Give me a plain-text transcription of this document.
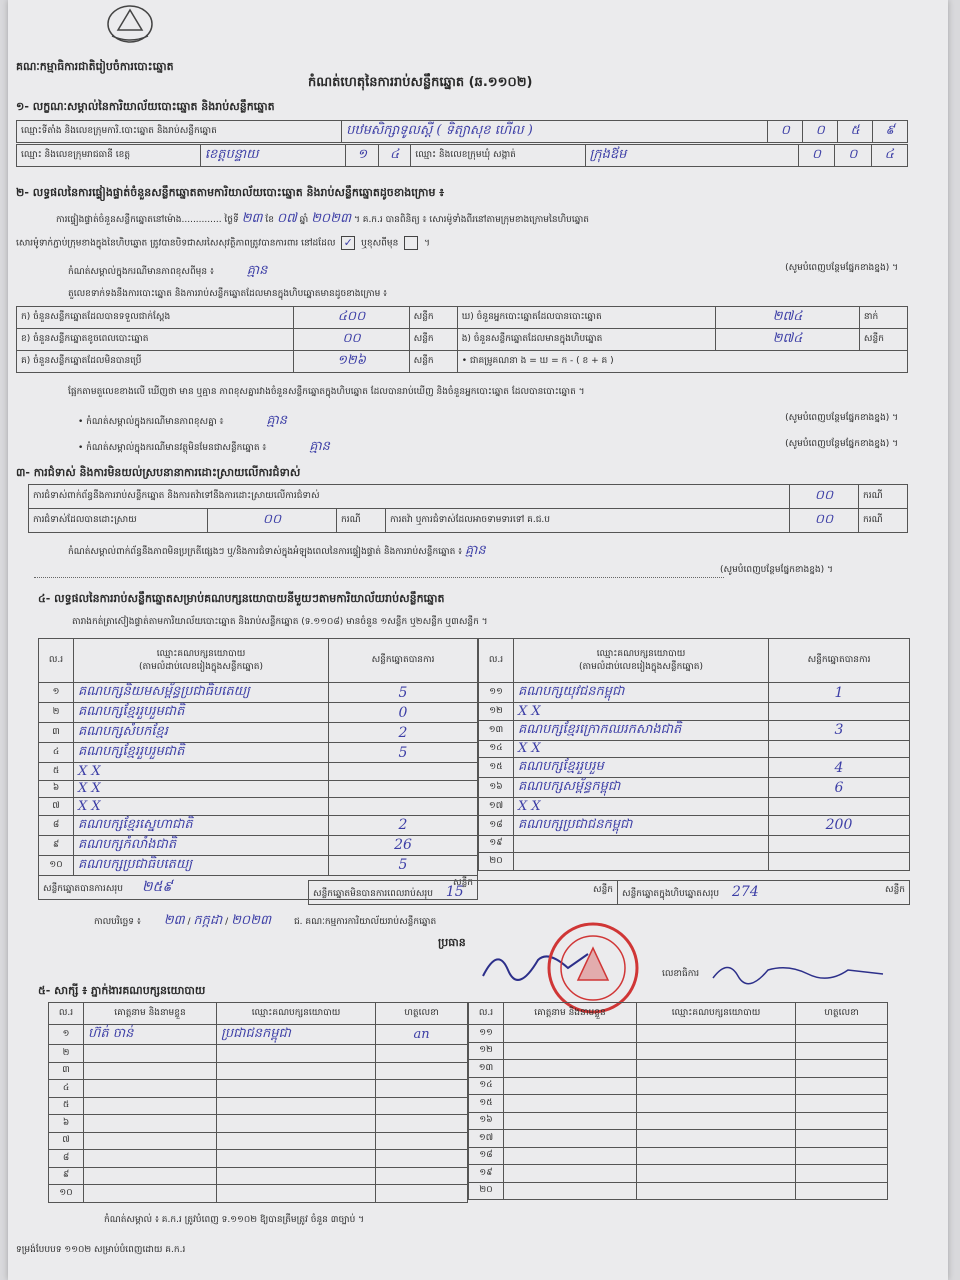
គណៈកម្មាធិការជាតិរៀបចំការបោះឆ្នោត
កំណត់ហេតុនៃការរាប់សន្លឹកឆ្នោត (ឆ.១១០២)
១- លក្ខណៈសម្គាល់នៃការិយាល័យបោះឆ្នោត និងរាប់សន្លឹកឆ្នោត
ឈ្មោះទីតាំង និងលេខក្រុមការិ.បោះឆ្នោត និងរាប់សន្លឹកឆ្នោត	បឋមសិក្សាទូលស្តី ( ទិត្យាសុខ ហើល )	០	០	៥	៩
ឈ្មោះ និងលេខក្រុមរាជធានី ខេត្ត	ខេត្តបន្ទាយ	១	៤	ឈ្មោះ និងលេខក្រុមឃុំ សង្កាត់	ក្រុងឪម	០	០	៤
២- លទ្ធផលនៃការផ្ទៀងផ្ទាត់ចំនួនសន្លឹកឆ្នោតតាមការិយាល័យបោះឆ្នោត និងរាប់សន្លឹកឆ្នោតដូចខាងក្រោម ៖
ការផ្ទៀងផ្ទាត់ចំនួនសន្លឹកឆ្នោតនៅម៉ោង.............. ថ្ងៃទី ២៣ ខែ ០៧ ឆ្នាំ ២០២៣ ។ គ.ក.រ បានពិនិត្យ ៖ សោរម៉ូទាំងពីរនៅតាមក្រុមខាងក្រោមនៃហិបឆ្នោត
សោរម៉ូទាក់ភ្ជាប់ក្រុមខាងក្នុងនៃហិបឆ្នោត ត្រូវបានបិទជាសរសៃសុវត្ថិភាពត្រូវបានការពារ នៅដដែល ✓ ឬខុសពីមុន	។
កំណត់សម្គាល់ក្នុងករណីមានភាពខុសពីមុន ៖	គ្មាន	(សូមបំពេញបន្ថែមផ្នែកខាងខ្នង) ។
តួលេខទាក់ទងនឹងការបោះឆ្នោត និងការរាប់សន្លឹកឆ្នោតដែលមានក្នុងហិបឆ្នោតមានដូចខាងក្រោម ៖
ក) ចំនួនសន្លឹកឆ្នោតដែលបានទទួលជាក់ស្តែង	៤០០	សន្លឹក	ឃ) ចំនួនអ្នកបោះឆ្នោតដែលបានបោះឆ្នោត	២៧៤	នាក់
ខ) ចំនួនសន្លឹកឆ្នោតខូចពេលបោះឆ្នោត	០០	សន្លឹក	ង) ចំនួនសន្លឹកឆ្នោតដែលមានក្នុងហិបឆ្នោត	២៧៤	សន្លឹក
គ) ចំនួនសន្លឹកឆ្នោតដែលមិនបានប្រើ	១២៦	សន្លឹក	• ជាគម្រូគណនា ង = ឃ = ក - ( ខ + គ )		
ផ្អែកតាមតួលេខខាងលើ ឃើញថា មាន ឬគ្មាន ភាពខុសគ្នារវាងចំនួនសន្លឹកឆ្នោតក្នុងហិបឆ្នោត ដែលបានរាប់ឃើញ និងចំនួនអ្នកបោះឆ្នោត ដែលបានបោះឆ្នោត ។
• កំណត់សម្គាល់ក្នុងករណីមានភាពខុសគ្នា ៖	គ្មាន	(សូមបំពេញបន្ថែមផ្នែកខាងខ្នង) ។
• កំណត់សម្គាល់ក្នុងករណីមានវត្ថុមិនមែនជាសន្លឹកឆ្នោត ៖	គ្មាន	(សូមបំពេញបន្ថែមផ្នែកខាងខ្នង) ។
៣- ការជំទាស់ និងការមិនយល់ស្របនានាការដោះស្រាយលើការជំទាស់
ការជំទាស់ពាក់ព័ន្ធនឹងការរាប់សន្លឹកឆ្នោត និងការតវ៉ាទៅនឹងការដោះស្រាយលើការជំទាស់				០០	ករណី
ការជំទាស់ដែលបានដោះស្រាយ	០០	ករណី	ការតវ៉ា ឬការជំទាស់ដែលអាចទាមទារទៅ គ.ជ.ប	០០	ករណី
កំណត់សម្គាល់ពាក់ព័ន្ធនឹងភាពមិនប្រក្រតីផ្សេងៗ ឬ/និងការជំទាស់ក្នុងអំឡុងពេលនៃការផ្ទៀងផ្ទាត់ និងការរាប់សន្លឹកឆ្នោត ៖ គ្មាន
(សូមបំពេញបន្ថែមផ្នែកខាងខ្នង) ។
៤- លទ្ធផលនៃការរាប់សន្លឹកឆ្នោតសម្រាប់គណបក្សនយោបាយនីមួយៗតាមការិយាល័យរាប់សន្លឹកឆ្នោត
តារាងកត់ត្រាស៊ៀងផ្ទាត់តាមការិយាល័យបោះឆ្នោត និងរាប់សន្លឹកឆ្នោត (ទ.១១០៨) មានចំនួន ១សន្លឹក ឬ២សន្លឹក ឬ៣សន្លឹក ។
ល.រ	ឈ្មោះគណបក្សនយោបាយ
(តាមលំដាប់លេខរៀងក្នុងសន្លឹកឆ្នោត)	សន្លឹកឆ្នោតបានការ
១	គណបក្សនិយមសម្ព័ន្ធប្រជាធិបតេយ្យ	5
២	គណបក្សខ្មែររួបរួមជាតិ	0
៣	គណបក្សសំបកខ្មែរ	2
៤	គណបក្សខ្មែររួបរួមជាតិ	5
៥	X X	
៦	X X	
៧	X X	
៨	គណបក្សខ្មែរស្នេហាជាតិ	2
៩	គណបក្សកំលាំងជាតិ	26
១០	គណបក្សប្រជាធិបតេយ្យ	5
សន្លឹកឆ្នោតបានការសរុប ២៥៩ សន្លឹក		
ល.រ	ឈ្មោះគណបក្សនយោបាយ
(តាមលំដាប់លេខរៀងក្នុងសន្លឹកឆ្នោត)	សន្លឹកឆ្នោតបានការ
១១	គណបក្សយុវជនកម្ពុជា	1
១២	X X	
១៣	គណបក្សខ្មែរក្រោកឈរកសាងជាតិ	3
១៤	X X	
១៥	គណបក្សខ្មែររួបរួម	4
១៦	គណបក្សសម្ព័ន្ធកម្ពុជា	6
១៧	X X	
១៨	គណបក្សប្រជាជនកម្ពុជា	200
១៩		
២០		
សន្លឹកឆ្នោតមិនបានការពេលរាប់សរុប 15	សន្លឹក	សន្លឹកឆ្នោតក្នុងហិបឆ្នោតសរុប 274	សន្លឹក
កាលបរិច្ឆេទ ៖ ២៣ / កក្កដា / ២០២៣	ជ. គណៈកម្មការការិយាល័យរាប់សន្លឹកឆ្នោត
ប្រធាន
លេខាធិការ
៥- សាក្សី ៖ ភ្នាក់ងារគណបក្សនយោបាយ
ល.រ	គោត្តនាម និងនាមខ្លួន	ឈ្មោះគណបក្សនយោបាយ	ហត្ថលេខា
១	ហ៊ត់ ចាន់	ប្រជាជនកម្ពុជា	an
២			
៣			
៤			
៥			
៦			
៧			
៨			
៩			
១០			
ល.រ	គោត្តនាម និងនាមខ្លួន	ឈ្មោះគណបក្សនយោបាយ	ហត្ថលេខា
១១			
១២			
១៣			
១៤			
១៥			
១៦			
១៧			
១៨			
១៩			
២០			
កំណត់សម្គាល់ ៖ គ.ក.រ ត្រូវបំពេញ ទ.១១០២ ឱ្យបានត្រឹមត្រូវ ចំនួន ៣ច្បាប់ ។
ទម្រង់បែបបទ ១១០២ សម្រាប់បំពេញដោយ គ.ក.រ
